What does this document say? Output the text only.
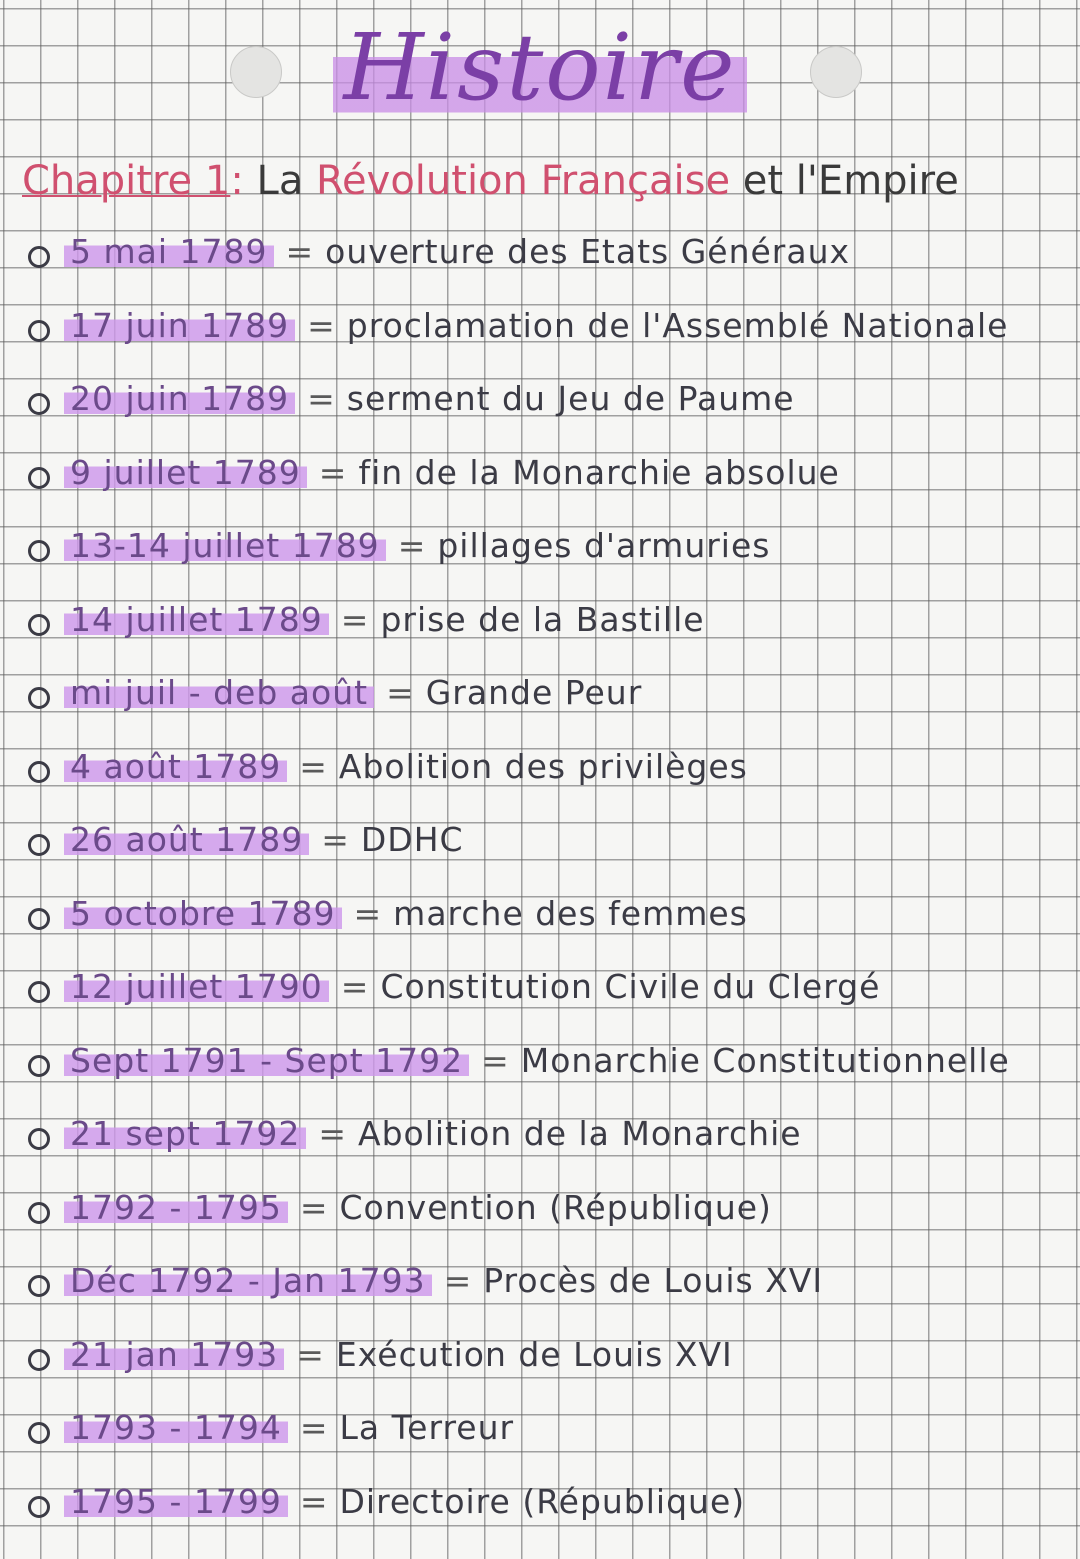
Histoire
Chapitre 1: La Révolution Française et l'Empire
5 mai 1789 = ouverture des Etats Généraux
17 juin 1789 = proclamation de l'Assemblé Nationale
20 juin 1789 = serment du Jeu de Paume
9 juillet 1789 = fin de la Monarchie absolue
13-14 juillet 1789 = pillages d'armuries
14 juillet 1789 = prise de la Bastille
mi juil - deb août = Grande Peur
4 août 1789 = Abolition des privilèges
26 août 1789 = DDHC
5 octobre 1789 = marche des femmes
12 juillet 1790 = Constitution Civile du Clergé
Sept 1791 - Sept 1792 = Monarchie Constitutionnelle
21 sept 1792 = Abolition de la Monarchie
1792 - 1795 = Convention (République)
Déc 1792 - Jan 1793 = Procès de Louis XVI
21 jan 1793 = Exécution de Louis XVI
1793 - 1794 = La Terreur
1795 - 1799 = Directoire (République)
